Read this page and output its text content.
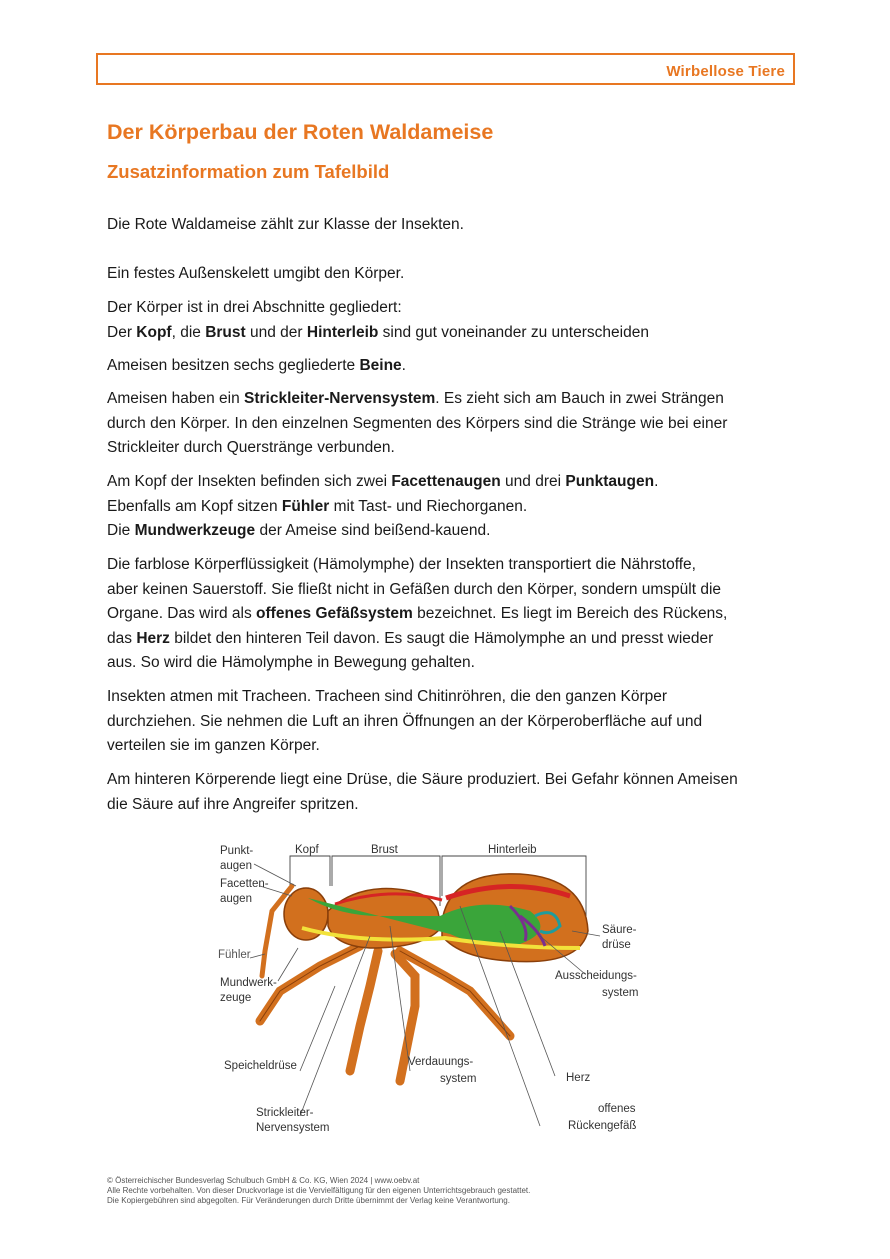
Wirbellose Tiere
Der Körperbau der Roten Waldameise
Zusatzinformation zum Tafelbild

Die Rote Waldameise zählt zur Klasse der Insekten.

Ein festes Außenskelett umgibt den Körper.

Der Körper ist in drei Abschnitte gegliedert:
Der Kopf, die Brust und der Hinterleib sind gut voneinander zu unterscheiden

Ameisen besitzen sechs gegliederte Beine.

Ameisen haben ein Strickleiter-Nervensystem. Es zieht sich am Bauch in zwei Strängen
durch den Körper. In den einzelnen Segmenten des Körpers sind die Stränge wie bei einer
Strickleiter durch Querstränge verbunden.

Am Kopf der Insekten befinden sich zwei Facettenaugen und drei Punktaugen.
Ebenfalls am Kopf sitzen Fühler mit Tast- und Riechorganen.
Die Mundwerkzeuge der Ameise sind beißend-kauend.

Die farblose Körperflüssigkeit (Hämolymphe) der Insekten transportiert die Nährstoffe,
aber keinen Sauerstoff. Sie fließt nicht in Gefäßen durch den Körper, sondern umspült die
Organe. Das wird als offenes Gefäßsystem bezeichnet. Es liegt im Bereich des Rückens,
das Herz bildet den hinteren Teil davon. Es saugt die Hämolymphe an und presst wieder
aus. So wird die Hämolymphe in Bewegung gehalten.

Insekten atmen mit Tracheen. Tracheen sind Chitinröhren, die den ganzen Körper
durchziehen. Sie nehmen die Luft an ihren Öffnungen an der Körperoberfläche auf und
verteilen sie im ganzen Körper.

Am hinteren Körperende liegt eine Drüse, die Säure produziert. Bei Gefahr können Ameisen
die Säure auf ihre Angreifer spritzen.

Punkt-
augen
Facetten-
augen
Fühler
Mundwerk-
zeuge
Speicheldrüse
Strickleiter-
Nervensystem
Kopf	Brust	Hinterleib
Säure-
drüse
Ausscheidungs-
system
Verdauungs-
system	Herz
offenes
Rückengefäß
© Österreichischer Bundesverlag Schulbuch GmbH & Co. KG, Wien 2024 | www.oebv.at
Alle Rechte vorbehalten. Von dieser Druckvorlage ist die Vervielfältigung für den eigenen Unterrichtsgebrauch gestattet.
Die Kopiergebühren sind abgegolten. Für Veränderungen durch Dritte übernimmt der Verlag keine Verantwortung.
